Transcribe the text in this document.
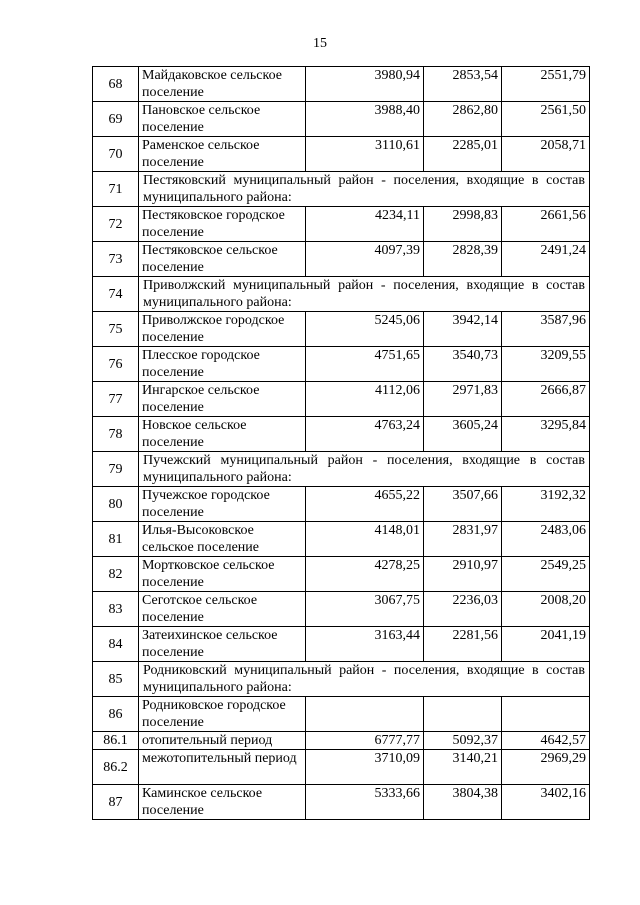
15
68	Майдаковское сельское поселение	3980,94	2853,54	2551,79
69	Пановское сельское поселение	3988,40	2862,80	2561,50
70	Раменское сельское поселение	3110,61	2285,01	2058,71
71	Пестяковский муниципальный район - поселения, входящие в состав муниципального района:			
72	Пестяковское городское поселение	4234,11	2998,83	2661,56
73	Пестяковское сельское поселение	4097,39	2828,39	2491,24
74	Приволжский муниципальный район - поселения, входящие в состав муниципального района:			
75	Приволжское городское поселение	5245,06	3942,14	3587,96
76	Плесское городское поселение	4751,65	3540,73	3209,55
77	Ингарское сельское поселение	4112,06	2971,83	2666,87
78	Новское сельское поселение	4763,24	3605,24	3295,84
79	Пучежский муниципальный район - поселения, входящие в состав муниципального района:			
80	Пучежское городское поселение	4655,22	3507,66	3192,32
81	Илья-Высоковское сельское поселение	4148,01	2831,97	2483,06
82	Мортковское сельское поселение	4278,25	2910,97	2549,25
83	Сеготское сельское поселение	3067,75	2236,03	2008,20
84	Затеихинское сельское поселение	3163,44	2281,56	2041,19
85	Родниковский муниципальный район - поселения, входящие в состав муниципального района:			
86	Родниковское городское поселение			
86.1	отопительный период	6777,77	5092,37	4642,57
86.2	межотопительный период	3710,09	3140,21	2969,29
87	Каминское сельское поселение	5333,66	3804,38	3402,16
